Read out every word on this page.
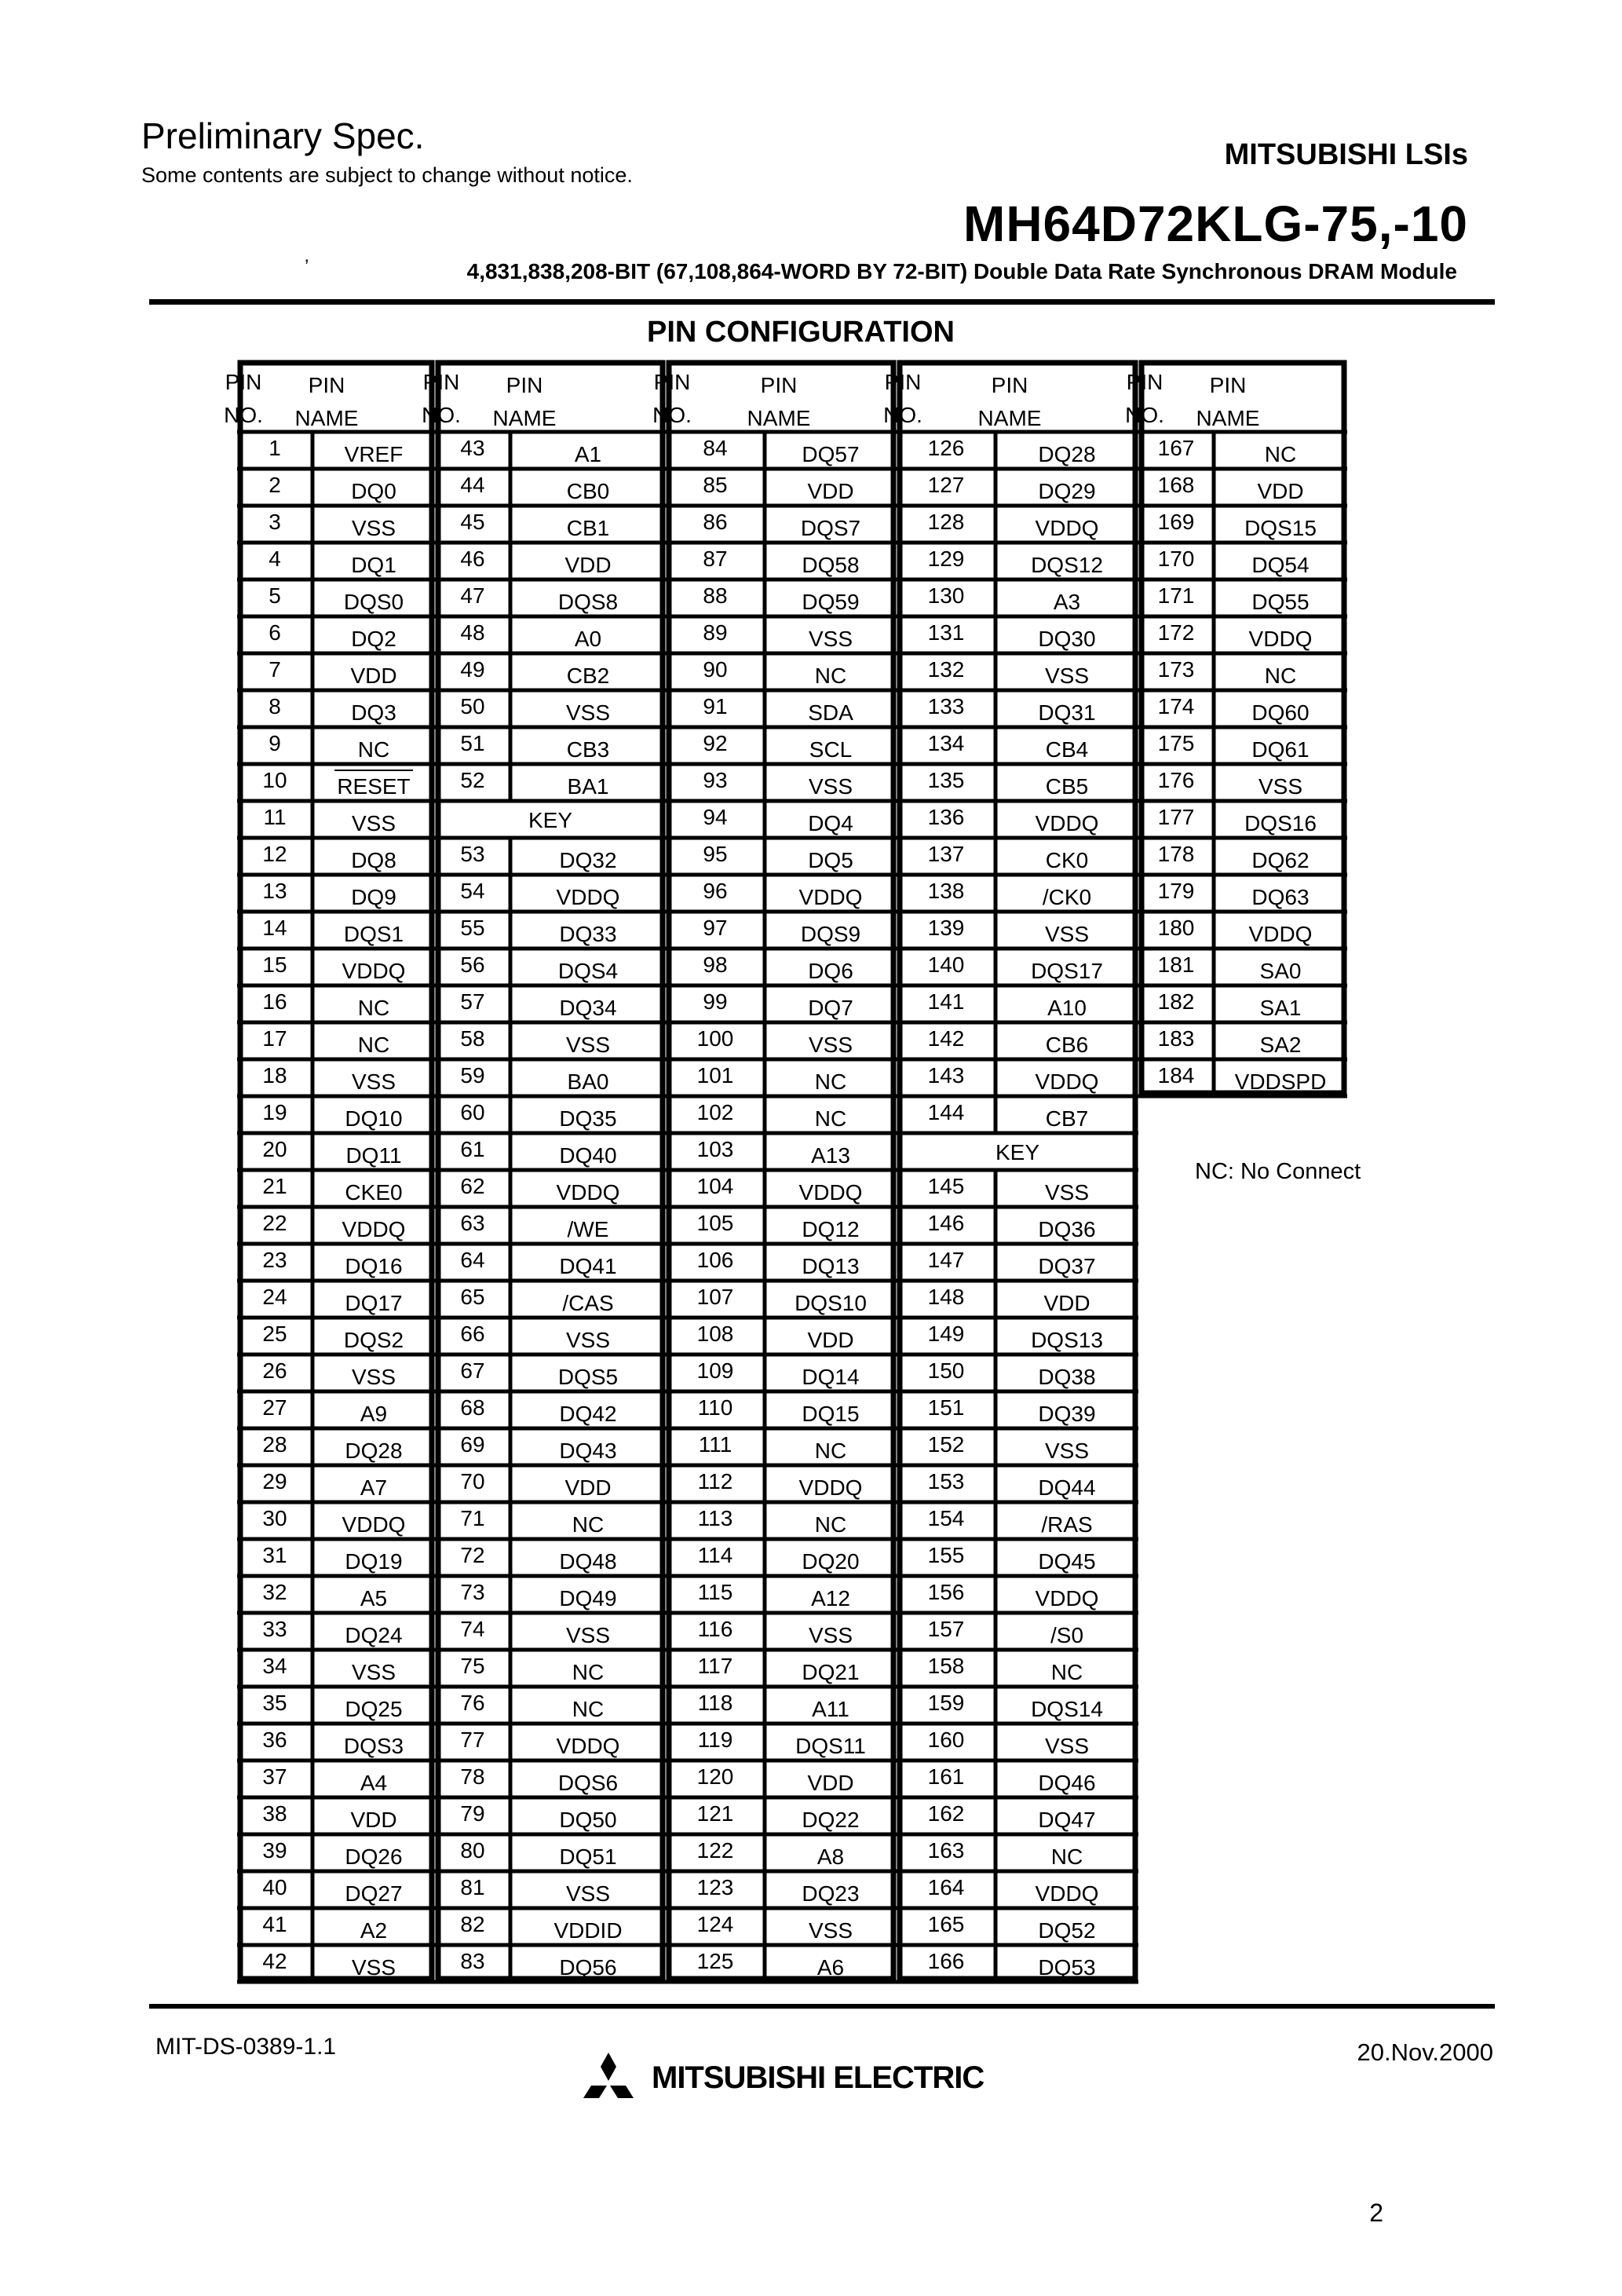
Preliminary Spec.
Some contents are subject to change without notice.
MITSUBISHI LSIs
MH64D72KLG-75,-10
’	4,831,838,208-BIT (67,108,864-WORD BY 72-BIT) Double Data Rate Synchronous DRAM Module
PIN CONFIGURATION
PIN
NO.
PIN
NAME
1	VREF
2	DQ0
3	VSS
4	DQ1
5	DQS0
6	DQ2
7	VDD
8	DQ3
9	NC
10 RESET
11	VSS
12	DQ8
13	DQ9
14	DQS1
15 VDDQ
16	NC
17	NC
18	VSS
19	DQ10
20	DQ11
21	CKE0
22 VDDQ
23	DQ16
24	DQ17
25	DQS2
26	VSS
27	A9
28	DQ28
29	A7
30 VDDQ
31	DQ19
32	A5
33	DQ24
34	VSS
35	DQ25
36	DQS3
37	A4
38	VDD
39	DQ26
40	DQ27
41	A2
42	VSS
PIN
NO.
PIN
NAME
43	A1
44	CB0
45	CB1
46	VDD
47	DQS8
48	A0
49	CB2
50	VSS
51	CB3
52	BA1
KEY
53	DQ32
54	VDDQ
55	DQ33
56	DQS4
57	DQ34
58	VSS
59	BA0
60	DQ35
61	DQ40
62	VDDQ
63	/WE
64	DQ41
65	/CAS
66	VSS
67	DQS5
68	DQ42
69	DQ43
70	VDD
71	NC
72	DQ48
73	DQ49
74	VSS
75	NC
76	NC
77	VDDQ
78	DQS6
79	DQ50
80	DQ51
81	VSS
82	VDDID
83	DQ56
PIN
NO.
PIN
NAME
84	DQ57
85	VDD
86	DQS7
87	DQ58
88	DQ59
89	VSS
90	NC
91	SDA
92	SCL
93	VSS
94	DQ4
95	DQ5
96	VDDQ
97	DQS9
98	DQ6
99	DQ7
100	VSS
101	NC
102	NC
103	A13
104	VDDQ
105	DQ12
106	DQ13
107	DQS10
108	VDD
109	DQ14
110	DQ15
111	NC
112	VDDQ
113	NC
114	DQ20
115	A12
116	VSS
117	DQ21
118	A11
119	DQS11
120	VDD
121	DQ22
122	A8
123	DQ23
124	VSS
125	A6
PIN
NO.
PIN
NAME
126	DQ28
127	DQ29
128	VDDQ
129	DQS12
130	A3
131	DQ30
132	VSS
133	DQ31
134	CB4
135	CB5
136	VDDQ
137	CK0
138	/CK0
139	VSS
140	DQS17
141	A10
142	CB6
143	VDDQ
144	CB7
KEY
145	VSS
146	DQ36
147	DQ37
148	VDD
149	DQS13
150	DQ38
151	DQ39
152	VSS
153	DQ44
154	/RAS
155	DQ45
156	VDDQ
157	/S0
158	NC
159	DQS14
160	VSS
161	DQ46
162	DQ47
163	NC
164	VDDQ
165	DQ52
166	DQ53
PIN
NO.
PIN
NAME
167	NC
168	VDD
169 DQS15
170	DQ54
171	DQ55
172 VDDQ
173	NC
174	DQ60
175	DQ61
176	VSS
177 DQS16
178	DQ62
179	DQ63
180 VDDQ
181	SA0
182	SA1
183	SA2
184 VDDSPD
NC: No Connect
MIT-DS-0389-1.1
MITSUBISHI ELECTRIC
20.Nov.2000
2
